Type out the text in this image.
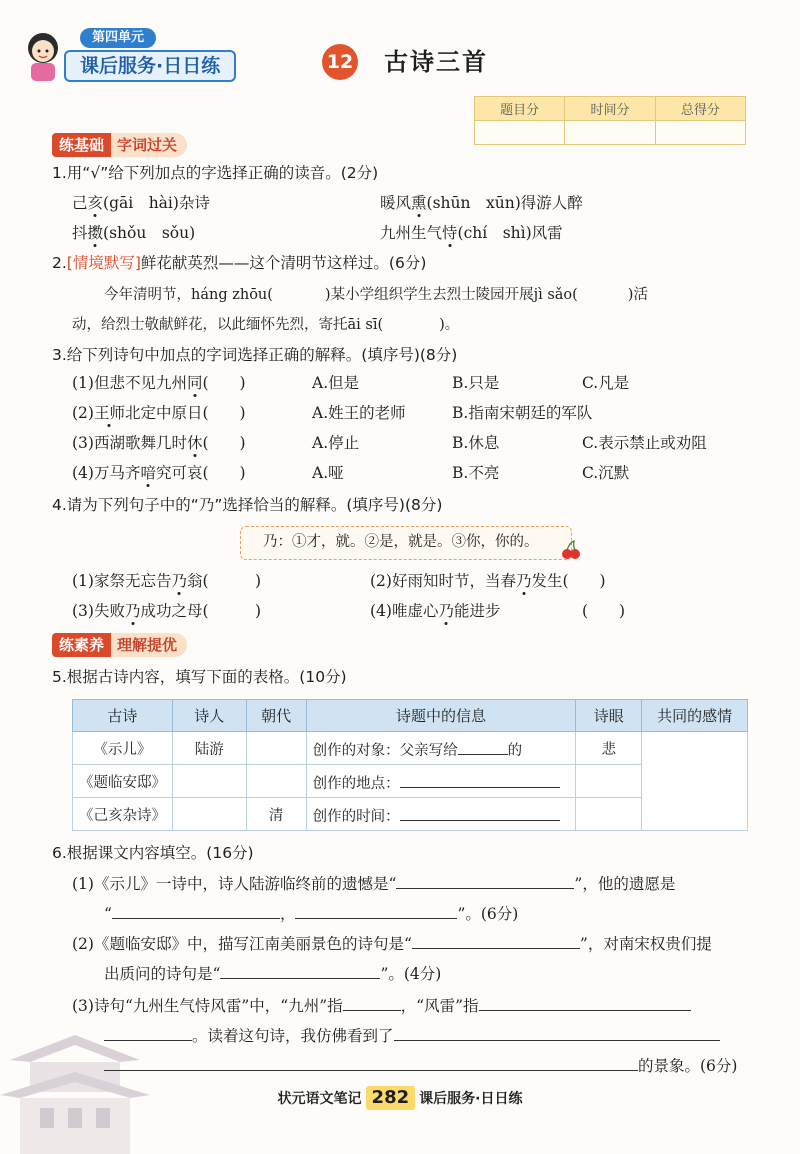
第四单元
课后服务·日日练	12 古诗三首
题目分	时间分	总得分

练基础 字词过关
1.用“√”给下列加点的字选择正确的读音。(2分)
己亥(gāi　hài)杂诗	暖风熏(shūn　xūn)得游人醉
抖擞(shǒu　sǒu)	九州生气恃(chí　shì)风雷
2.[情境默写]鲜花献英烈——这个清明节这样过。(6分)
今年清明节，háng zhōu(	)某小学组织学生去烈士陵园开展jì sǎo(	)活
动，给烈士敬献鲜花，以此缅怀先烈，寄托āi sī(	)。
3.给下列诗句中加点的字词选择正确的解释。(填序号)(8分)
(1)但悲不见九州同(　　)	A.但是	B.只是	C.凡是
(2)王师北定中原日(　　)	A.姓王的老师	B.指南宋朝廷的军队
(3)西湖歌舞几时休(　　)	A.停止	B.休息	C.表示禁止或劝阻
(4)万马齐喑究可哀(　　)	A.哑	B.不亮	C.沉默
4.请为下列句子中的“乃”选择恰当的解释。(填序号)(8分)
乃：①才，就。②是，就是。③你，你的。
(1)家祭无忘告乃翁(　　　)	(2)好雨知时节，当春乃发生(　　)
(3)失败乃成功之母(　　　)	(4)唯虚心乃能进步	(　　)
练素养 理解提优
5.根据古诗内容，填写下面的表格。(10分)
古诗	诗人	朝代	诗题中的信息	诗眼	共同的感情
《示儿》	陆游		创作的对象：父亲写给 的	悲	
《题临安邸》			创作的地点：		
《己亥杂诗》		清	创作的时间：		
6.根据课文内容填空。(16分)
(1)《示儿》一诗中，诗人陆游临终前的遗憾是“	”，他的遗愿是
“	，	”。(6分)
(2)《题临安邸》中，描写江南美丽景色的诗句是“	”，对南宋权贵们提
出质问的诗句是“	”。(4分)
(3)诗句“九州生气恃风雷”中，“九州”指	，“风雷”指
。读着这句诗，我仿佛看到了
的景象。(6分)
状元语文笔记 282 课后服务·日日练
